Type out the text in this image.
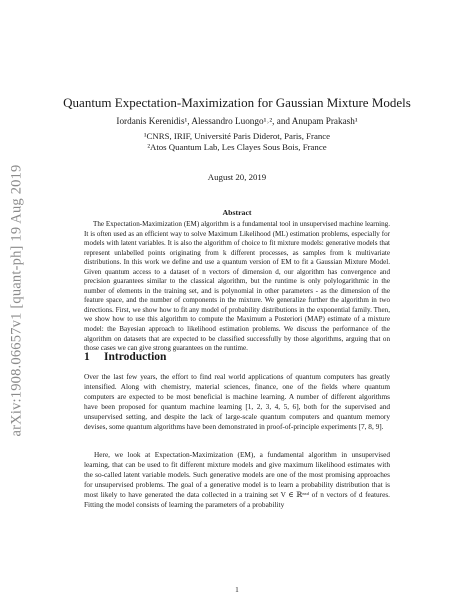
arXiv:1908.06657v1 [quant-ph] 19 Aug 2019
Quantum Expectation-Maximization for Gaussian Mixture Models
Iordanis Kerenidis¹, Alessandro Luongo¹˒², and Anupam Prakash¹
¹CNRS, IRIF, Université Paris Diderot, Paris, France
²Atos Quantum Lab, Les Clayes Sous Bois, France
August 20, 2019
Abstract
The Expectation-Maximization (EM) algorithm is a fundamental tool in unsupervised machine learning. It is often used as an efficient way to solve Maximum Likelihood (ML) estimation problems, especially for models with latent variables. It is also the algorithm of choice to fit mixture models: generative models that represent unlabelled points originating from k different processes, as samples from k multivariate distributions. In this work we define and use a quantum version of EM to fit a Gaussian Mixture Model. Given quantum access to a dataset of n vectors of dimension d, our algorithm has convergence and precision guarantees similar to the classical algorithm, but the runtime is only polylogarithmic in the number of elements in the training set, and is polynomial in other parameters - as the dimension of the feature space, and the number of components in the mixture. We generalize further the algorithm in two directions. First, we show how to fit any model of probability distributions in the exponential family. Then, we show how to use this algorithm to compute the Maximum a Posteriori (MAP) estimate of a mixture model: the Bayesian approach to likelihood estimation problems. We discuss the performance of the algorithm on datasets that are expected to be classified successfully by those algorithms, arguing that on those cases we can give strong guarantees on the runtime.
1 Introduction
Over the last few years, the effort to find real world applications of quantum computers has greatly intensified. Along with chemistry, material sciences, finance, one of the fields where quantum computers are expected to be most beneficial is machine learning. A number of different algorithms have been proposed for quantum machine learning [1, 2, 3, 4, 5, 6], both for the supervised and unsupervised setting, and despite the lack of large-scale quantum computers and quantum memory devises, some quantum algorithms have been demonstrated in proof-of-principle experiments [7, 8, 9].
Here, we look at Expectation-Maximization (EM), a fundamental algorithm in unsupervised learning, that can be used to fit different mixture models and give maximum likelihood estimates with the so-called latent variable models. Such generative models are one of the most promising approaches for unsupervised problems. The goal of a generative model is to learn a probability distribution that is most likely to have generated the data collected in a training set V ∈ ℝⁿˣᵈ of n vectors of d features. Fitting the model consists of learning the parameters of a probability
1
